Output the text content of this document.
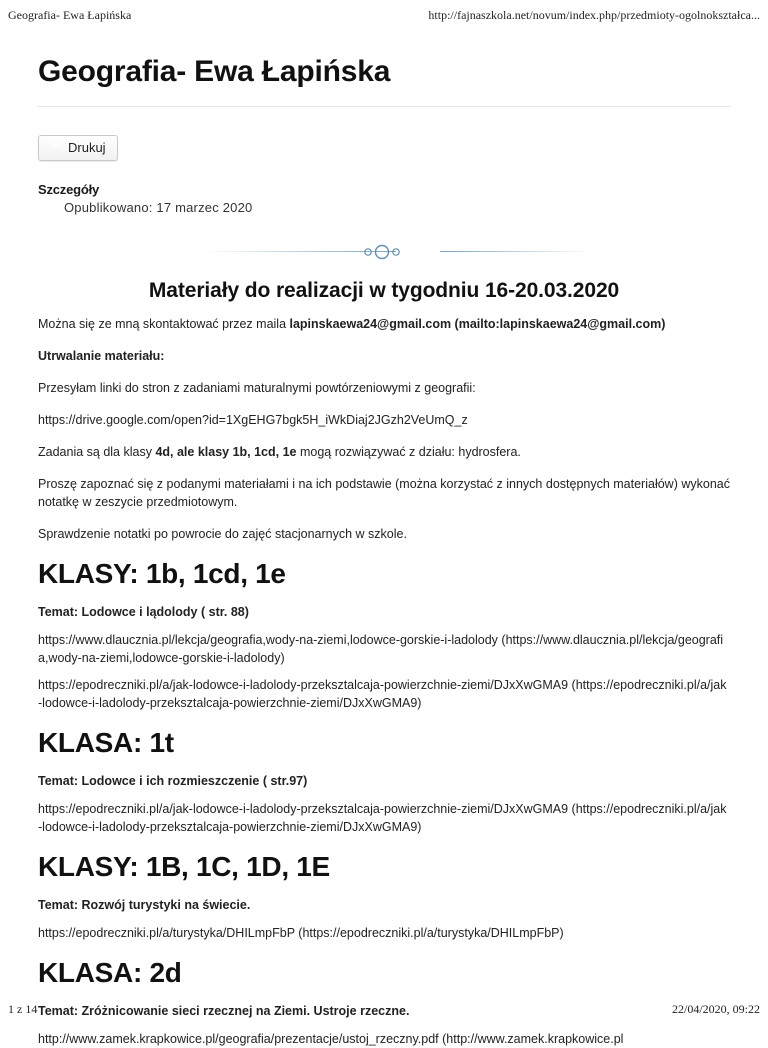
Geografia- Ewa Łapińska	http://fajnaszkola.net/novum/index.php/przedmioty-ogolnokształca...
Geografia- Ewa Łapińska
Drukuj
Szczegóły
Opublikowano: 17 marzec 2020
Materiały do realizacji w tygodniu 16-20.03.2020

Można się ze mną skontaktować przez maila lapinskaewa24@gmail.com (mailto:lapinskaewa24@gmail.com)

Utrwalanie materiału:

Przesyłam linki do stron z zadaniami maturalnymi powtórzeniowymi z geografii:

https://drive.google.com/open?id=1XgEHG7bgk5H_iWkDiaj2JGzh2VeUmQ_z

Zadania są dla klasy 4d, ale klasy 1b, 1cd, 1e mogą rozwiązywać z działu: hydrosfera.

Proszę zapoznać się z podanymi materiałami i na ich podstawie (można korzystać z innych dostępnych materiałów) wykonać notatkę w zeszycie przedmiotowym.

Sprawdzenie notatki po powrocie do zajęć stacjonarnych w szkole.

KLASY: 1b, 1cd, 1e

Temat: Lodowce i lądolody ( str. 88)

https://www.dlaucznia.pl/lekcja/geografia,wody-na-ziemi,lodowce-gorskie-i-ladolody (https://www.dlaucznia.pl/lekcja/geografia,wody-na-ziemi,lodowce-gorskie-i-ladolody)

https://epodreczniki.pl/a/jak-lodowce-i-ladolody-przeksztalcaja-powierzchnie-ziemi/DJxXwGMA9 (https://epodreczniki.pl/a/jak-lodowce-i-ladolody-przeksztalcaja-powierzchnie-ziemi/DJxXwGMA9)

KLASA: 1t

Temat: Lodowce i ich rozmieszczenie ( str.97)

https://epodreczniki.pl/a/jak-lodowce-i-ladolody-przeksztalcaja-powierzchnie-ziemi/DJxXwGMA9 (https://epodreczniki.pl/a/jak-lodowce-i-ladolody-przeksztalcaja-powierzchnie-ziemi/DJxXwGMA9)

KLASY: 1B, 1C, 1D, 1E

Temat: Rozwój turystyki na świecie.

https://epodreczniki.pl/a/turystyka/DHILmpFbP (https://epodreczniki.pl/a/turystyka/DHILmpFbP)

KLASA: 2d

Temat: Zróżnicowanie sieci rzecznej na Ziemi. Ustroje rzeczne.

http://www.zamek.krapkowice.pl/geografia/prezentacje/ustoj_rzeczny.pdf (http://www.zamek.krapkowice.pl

1 z 14	22/04/2020, 09:22
